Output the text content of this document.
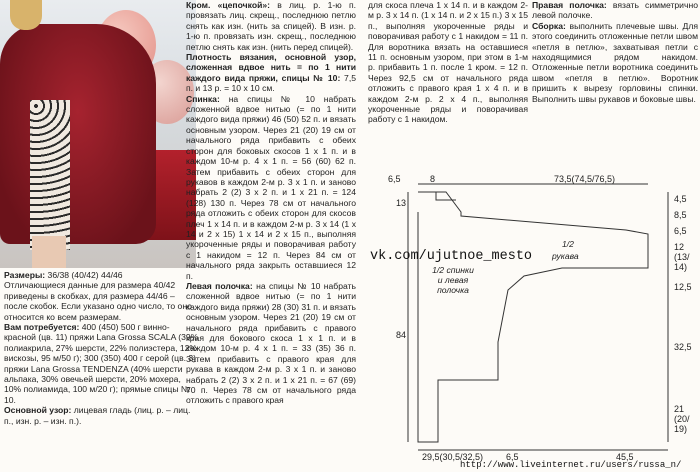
Размеры: 36/38 (40/42) 44/46

Отличающиеся данные для размера 40/42 приведены в скобках, для размера 44/46 – после скобок. Если указано одно число, то оно относится ко всем размерам.

Вам потребуется: 400 (450) 500 г винно-красной (цв. 11) пряжи Lana Grossa SCALA (39% полиакрила, 27% шерсти, 22% полиэстера, 12% вискозы, 95 м/50 г); 300 (350) 400 г серой (цв. 3) пряжи Lana Grossa TENDENZA (40% шерсти альпака, 30% овечьей шерсти, 20% мохера, 10% полиамида, 100 м/20 г); прямые спицы № 10.

Основной узор: лицевая гладь (лиц. р. – лиц. п., изн. р. – изн. п.).

Кром. «цепочкой»: в лиц. р. 1-ю п. провязать лиц. скрещ., последнюю петлю снять как изн. (нить за спицей). В изн. р. 1-ю п. провязать изн. скрещ., последнюю петлю снять как изн. (нить перед спицей).

Плотность вязания, основной узор, сложенная вдвое нить = по 1 нити каждого вида пряжи, спицы № 10: 7,5 п. и 13 р. = 10 х 10 см.

Спинка: на спицы № 10 набрать сложенной вдвое нитью (= по 1 нити каждого вида пряжи) 46 (50) 52 п. и вязать основным узором. Через 21 (20) 19 см от начального ряда прибавить с обеих сторон для боковых скосов 1 х 1 п. и в каждом 10-м р. 4 х 1 п. = 56 (60) 62 п. Затем прибавить с обеих сторон для рукавов в каждом 2-м р. 3 х 1 п. и заново набрать 2 (2) 3 х 2 п. и 1 х 21 п. = 124 (128) 130 п. Через 78 см от начального ряда отложить с обеих сторон для скосов плеч 1 х 14 п. и в каждом 2-м р. 3 х 14 (1 х 14 и 2 х 15) 1 х 14 и 2 х 15 п., выполняя укороченные ряды и поворачивая работу с 1 накидом = 12 п. Через 84 см от начального ряда закрыть оставшиеся 12 п.

Левая полочка: на спицы № 10 набрать сложенной вдвое нитью (= по 1 нити каждого вида пряжи) 28 (30) 31 п. и вязать основным узором. Через 21 (20) 19 см от начального ряда прибавить с правого края для бокового скоса 1 х 1 п. и в каждом 10-м р. 4 х 1 п. = 33 (35) 36 п. Затем прибавить с правого края для рукава в каждом 2-м р. 3 х 1 п. и заново набрать 2 (2) 3 х 2 п. и 1 х 21 п. = 67 (69) 70 п. Через 78 см от начального ряда отложить с правого края

для скоса плеча 1 х 14 п. и в каждом 2-м р. 3 х 14 п. (1 х 14 п. и 2 х 15 п.) 3 х 15 п., выполняя укороченные ряды и поворачивая работу с 1 накидом = 11 п. Для воротника вязать на оставшиеся 11 п. основным узором, при этом в 1-м р. прибавить 1 п. после 1 кром. = 12 п. Через 92,5 см от начального ряда отложить с правого края 1 х 4 п. и в каждом 2-м р. 2 х 4 п., выполняя укороченные ряды и поворачивая работу с 1 накидом.

Правая полочка: вязать симметрично левой полочке.

Сборка: выполнить плечевые швы. Для этого соединить отложенные петли швом «петля в петлю», захватывая петли с находящимися рядом накидом. Отложенные петли воротника соединить швом «петля в петлю». Воротник пришить к вырезу горловины спинки. Выполнить швы рукавов и боковые швы.

6,5	8	73,5(74,5/76,5)
13
84
4,5
8,5
6,5
12
(13/
14)
12,5
32,5
21
(20/
19)
29,5(30,5/32,5)	6,5	45,5
1/2
рукава
1/2 спинки
и левая
полочка
vk.com/ujutnoe_mesto
http://www.liveinternet.ru/users/russa_n/
